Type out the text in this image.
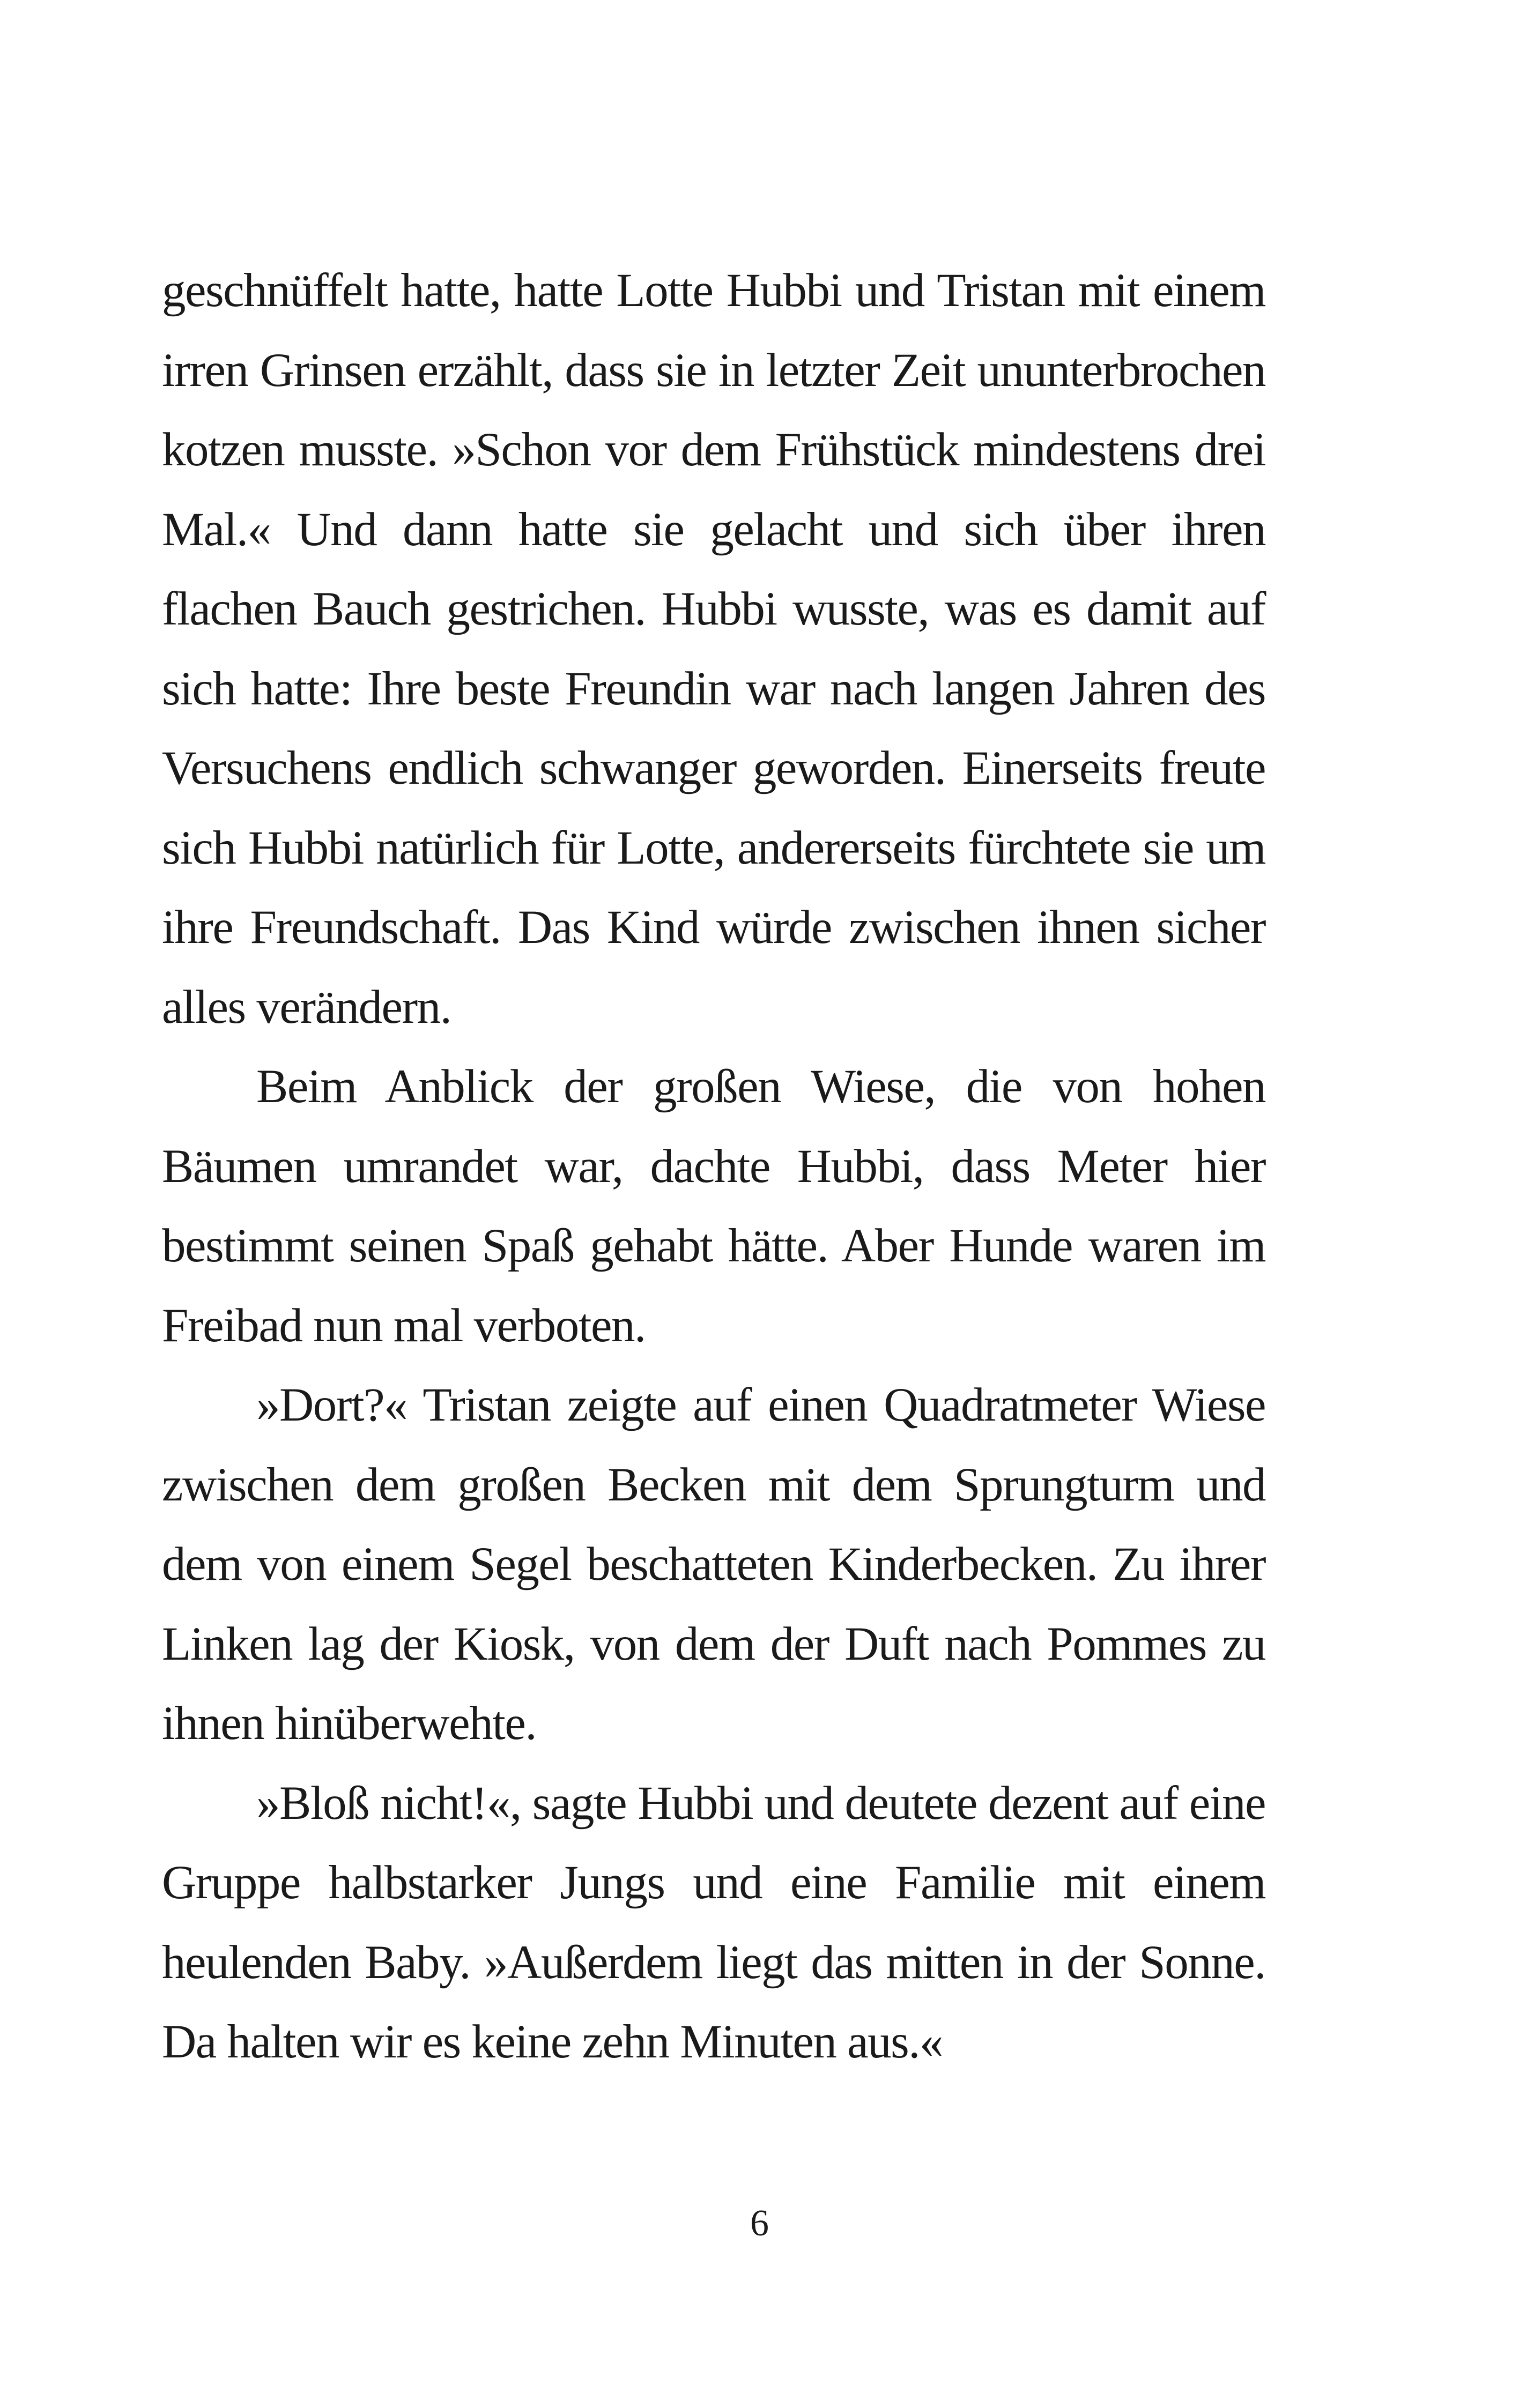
geschnüffelt hatte, hatte Lotte Hubbi und Tristan mit einem irren Grinsen erzählt, dass sie in letzter Zeit ununterbrochen kotzen musste. »Schon vor dem Frühstück mindestens drei Mal.« Und dann hatte sie gelacht und sich über ihren flachen Bauch gestrichen. Hubbi wusste, was es damit auf sich hatte: Ihre beste Freundin war nach langen Jahren des Versuchens endlich schwanger geworden. Einerseits freute sich Hubbi natürlich für Lotte, andererseits fürchtete sie um ihre Freundschaft. Das Kind würde zwischen ihnen sicher alles verändern.

Beim Anblick der großen Wiese, die von hohen Bäumen umrandet war, dachte Hubbi, dass Meter hier bestimmt seinen Spaß gehabt hätte. Aber Hunde waren im Freibad nun mal verboten.

»Dort?« Tristan zeigte auf einen Quadratmeter Wiese zwischen dem großen Becken mit dem Sprungturm und dem von einem Segel beschatteten Kinderbecken. Zu ihrer Linken lag der Kiosk, von dem der Duft nach Pommes zu ihnen hinüberwehte.

»Bloß nicht!«, sagte Hubbi und deutete dezent auf eine Gruppe halbstarker Jungs und eine Familie mit einem heulenden Baby. »Außerdem liegt das mitten in der Sonne. Da halten wir es keine zehn Minuten aus.«

6
